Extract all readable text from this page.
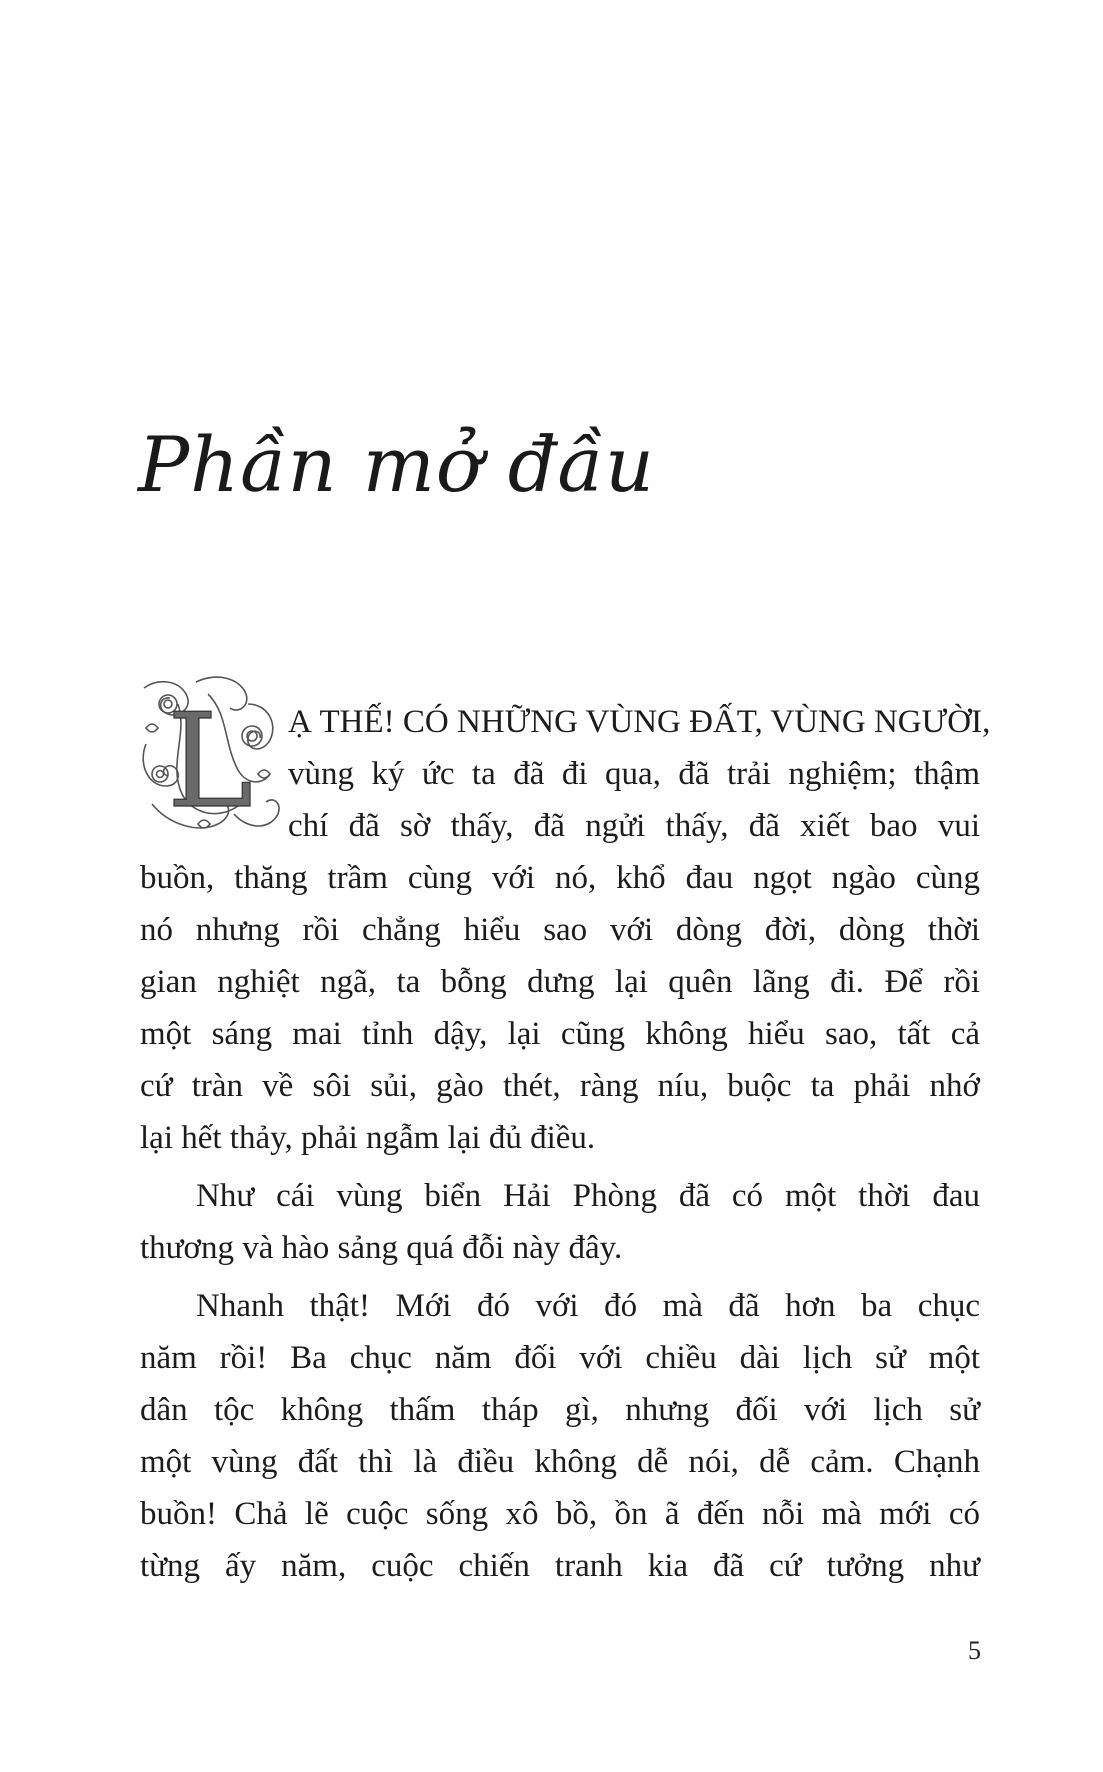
Phần mở đầu
L	Ạ THẾ! CÓ NHỮNG VÙNG ĐẤT, VÙNG NGƯỜI,
vùng ký ức ta đã đi qua, đã trải nghiệm; thậm
chí đã sờ thấy, đã ngửi thấy, đã xiết bao vui
buồn, thăng trầm cùng với nó, khổ đau ngọt ngào cùng
nó nhưng rồi chẳng hiểu sao với dòng đời, dòng thời
gian nghiệt ngã, ta bỗng dưng lại quên lãng đi. Để rồi
một sáng mai tỉnh dậy, lại cũng không hiểu sao, tất cả
cứ tràn về sôi sủi, gào thét, ràng níu, buộc ta phải nhớ
lại hết thảy, phải ngẫm lại đủ điều.
Như cái vùng biển Hải Phòng đã có một thời đau
thương và hào sảng quá đỗi này đây.
Nhanh thật! Mới đó với đó mà đã hơn ba chục
năm rồi! Ba chục năm đối với chiều dài lịch sử một
dân tộc không thấm tháp gì, nhưng đối với lịch sử
một vùng đất thì là điều không dễ nói, dễ cảm. Chạnh
buồn! Chả lẽ cuộc sống xô bồ, ồn ã đến nỗi mà mới có
từng ấy năm, cuộc chiến tranh kia đã cứ tưởng như
5
